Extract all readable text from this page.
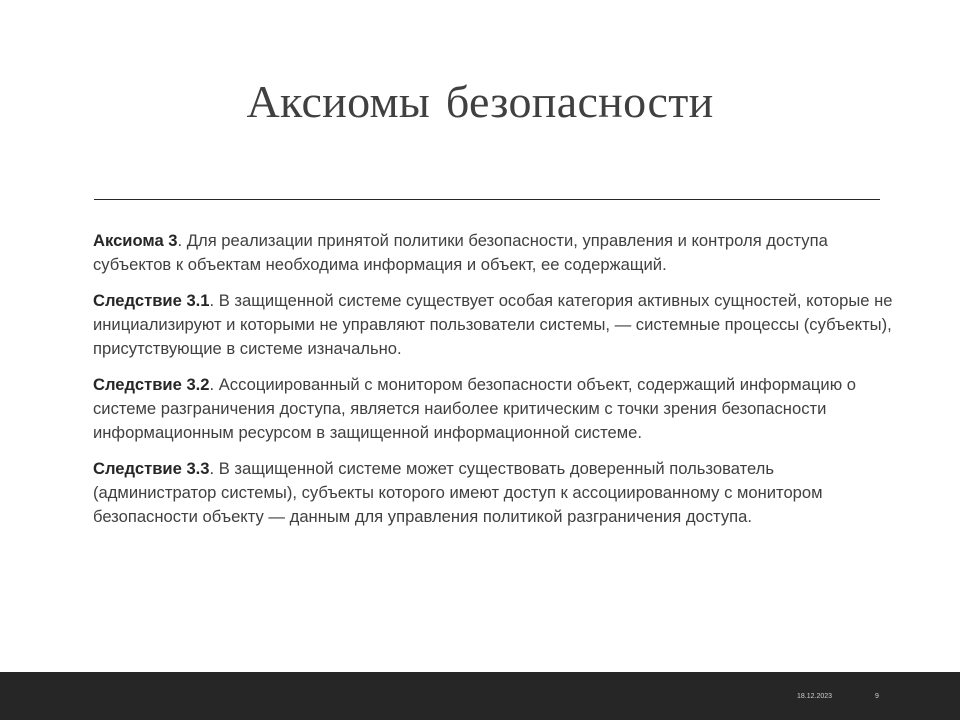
Аксиомы безопасности

Аксиома 3. Для реализации принятой политики безопасности, управления и контроля доступа субъектов к объектам необходима информация и объект, ее содержащий.

Следствие 3.1. В защищенной системе существует особая категория активных сущностей, которые не инициализируют и которыми не управляют пользователи системы, — системные процессы (субъекты), присутствующие в системе изначально.

Следствие 3.2. Ассоциированный с монитором безопасности объект, содержащий информацию о системе разграничения доступа, является наиболее критическим с точки зрения безопасности информационным ресурсом в защищенной информационной системе.

Следствие 3.3. В защищенной системе может существовать доверенный пользователь (администратор системы), субъекты которого имеют доступ к ассоциированному с монитором безопасности объекту — данным для управления политикой разграничения доступа.

18.12.2023	9
